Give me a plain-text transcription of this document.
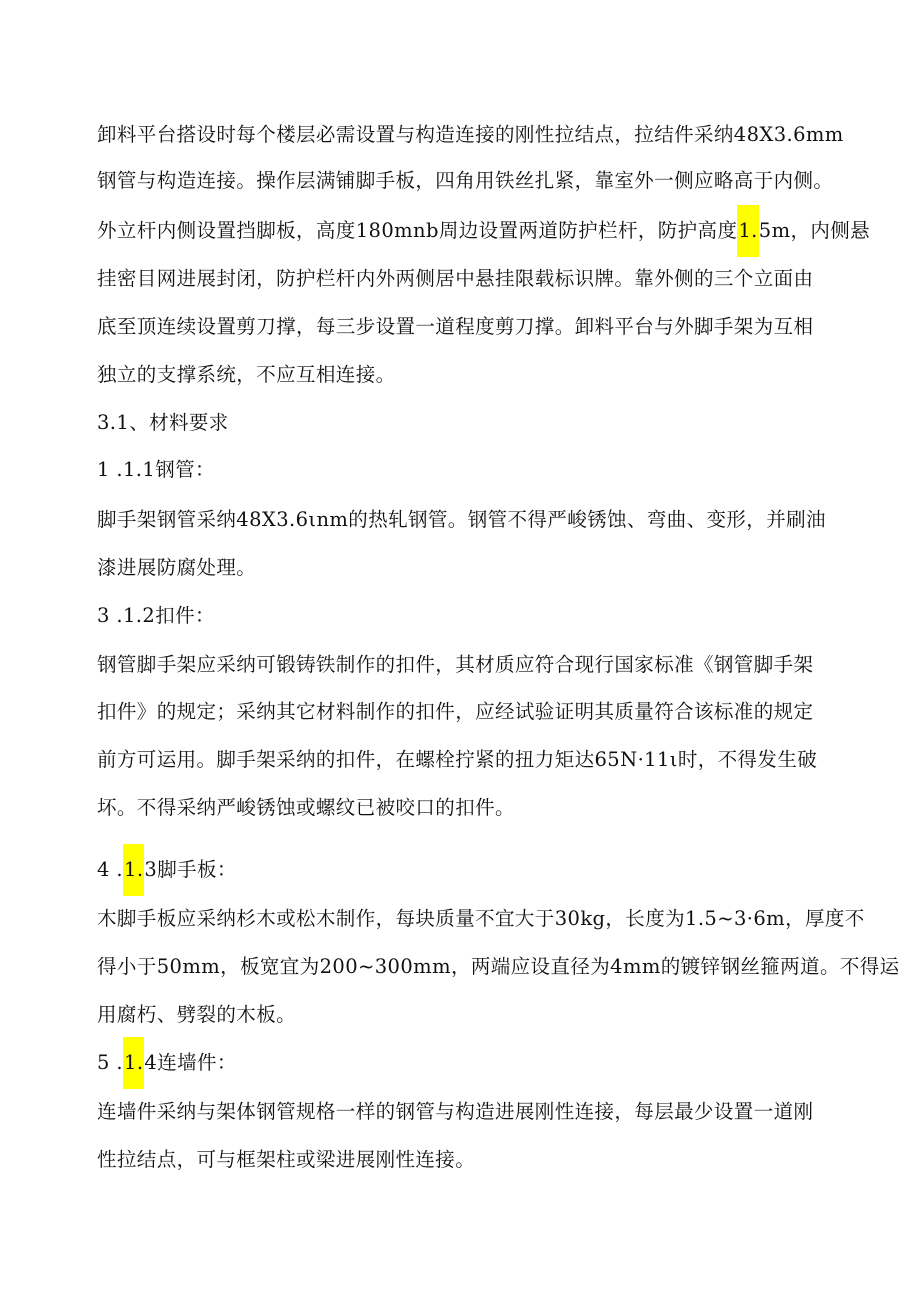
卸料平台搭设时每个楼层必需设置与构造连接的刚性拉结点，拉结件采纳48X3.6mm
钢管与构造连接。操作层满铺脚手板，四角用铁丝扎紧，靠室外一侧应略高于内侧。
外立杆内侧设置挡脚板，高度180mnb周边设置两道防护栏杆，防护高度1.5m，内侧悬
挂密目网进展封闭，防护栏杆内外两侧居中悬挂限载标识牌。靠外侧的三个立面由
底至顶连续设置剪刀撑，每三步设置一道程度剪刀撑。卸料平台与外脚手架为互相
独立的支撑系统，不应互相连接。
3.1、材料要求
1 .1.1钢管：
脚手架钢管采纳48X3.6ιnm的热轧钢管。钢管不得严峻锈蚀、弯曲、变形，并刷油
漆进展防腐处理。
3 .1.2扣件：
钢管脚手架应采纳可锻铸铁制作的扣件，其材质应符合现行国家标准《钢管脚手架
扣件》的规定；采纳其它材料制作的扣件，应经试验证明其质量符合该标准的规定
前方可运用。脚手架采纳的扣件，在螺栓拧紧的扭力矩达65N·11ι时，不得发生破
坏。不得采纳严峻锈蚀或螺纹已被咬口的扣件。
4 .1.3脚手板：
木脚手板应采纳杉木或松木制作，每块质量不宜大于30kg，长度为1.5~3·6m，厚度不
得小于50mm，板宽宜为200~300mm，两端应设直径为4mm的镀锌钢丝箍两道。不得运
用腐朽、劈裂的木板。
5 .1.4连墙件：
连墙件采纳与架体钢管规格一样的钢管与构造进展刚性连接，每层最少设置一道刚
性拉结点，可与框架柱或梁进展刚性连接。
